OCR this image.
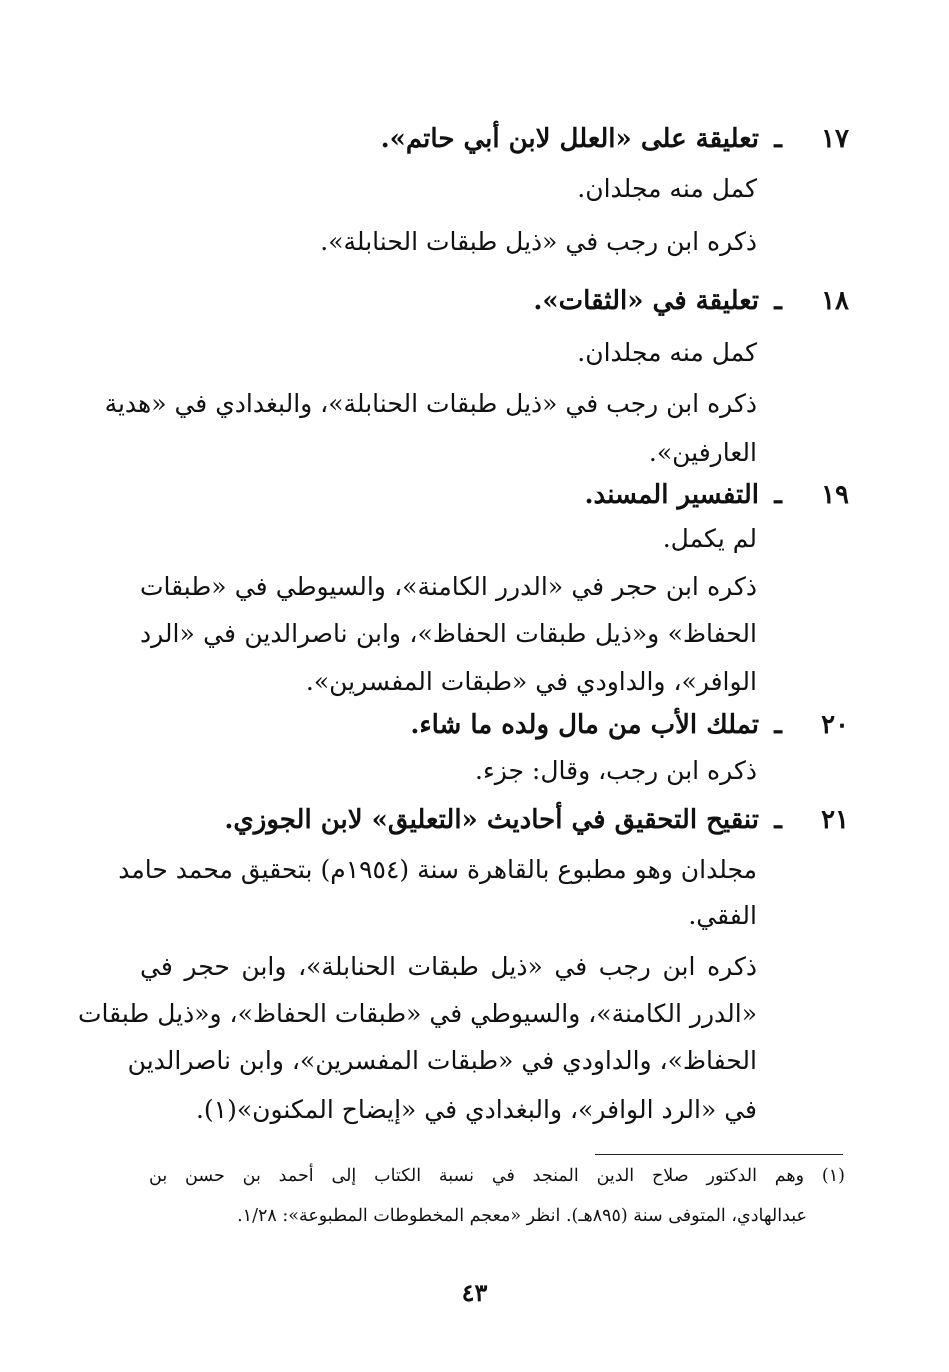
١٧ـتعليقة على «العلل لابن أبي حاتم».
كمل منه مجلدان.
ذكره ابن رجب في «ذيل طبقات الحنابلة».
١٨ـتعليقة في «الثقات».
كمل منه مجلدان.
ذكره ابن رجب في «ذيل طبقات الحنابلة»، والبغدادي في «هدية
العارفين».
١٩ـالتفسير المسند.
لم يكمل.
ذكره ابن حجر في «الدرر الكامنة»، والسيوطي في «طبقات
الحفاظ» و«ذيل طبقات الحفاظ»، وابن ناصرالدين في «الرد
الوافر»، والداودي في «طبقات المفسرين».
٢٠ـتملك الأب من مال ولده ما شاء.
ذكره ابن رجب، وقال: جزء.
٢١ـتنقيح التحقيق في أحاديث «التعليق» لابن الجوزي.
مجلدان وهو مطبوع بالقاهرة سنة (١٩٥٤م) بتحقيق محمد حامد
الفقي.
ذكره ابن رجب في «ذيل طبقات الحنابلة»، وابن حجر في
«الدرر الكامنة»، والسيوطي في «طبقات الحفاظ»، و«ذيل طبقات
الحفاظ»، والداودي في «طبقات المفسرين»، وابن ناصرالدين
في «الرد الوافر»، والبغدادي في «إيضاح المكنون»(١).
(١) وهم الدكتور صلاح الدين المنجد في نسبة الكتاب إلى أحمد بن حسن بن
عبدالهادي، المتوفى سنة (٨٩٥هـ). انظر «معجم المخطوطات المطبوعة»: ١/٢٨.
٤٣
